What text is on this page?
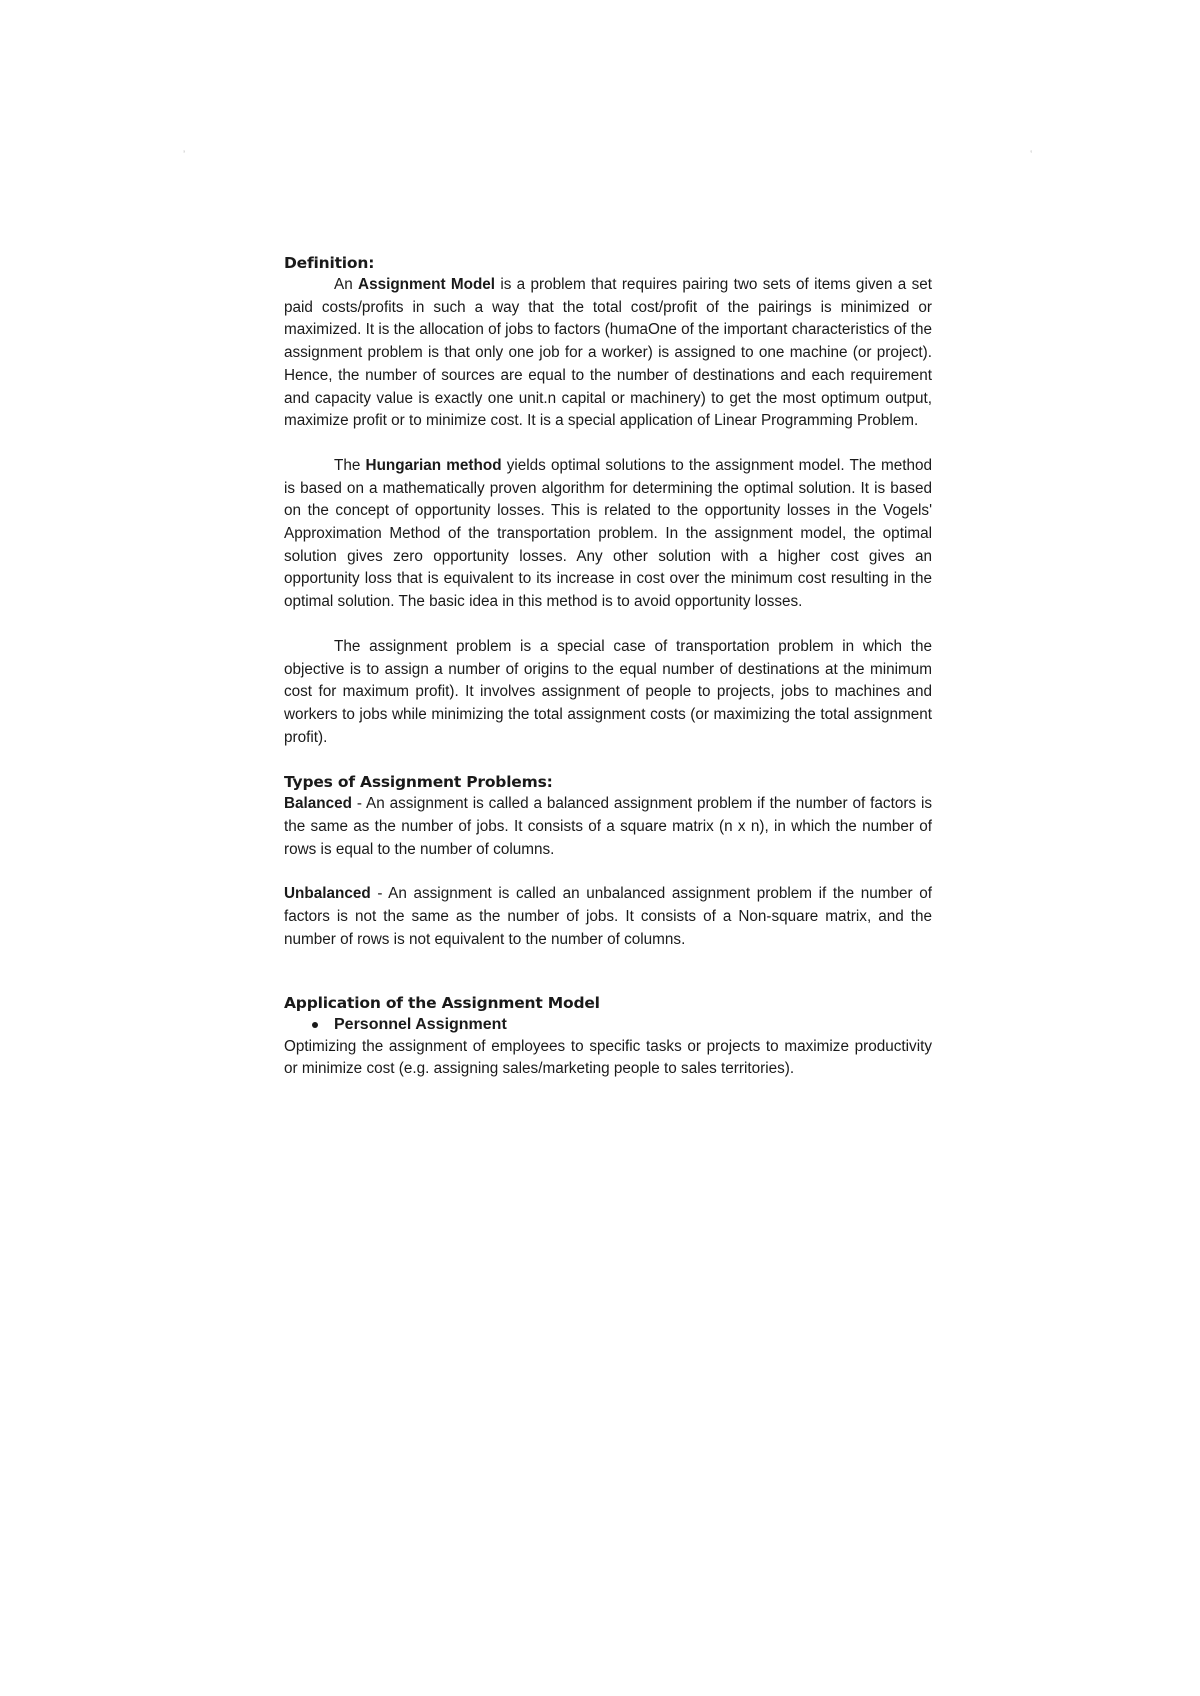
ʼ	ʽ
Definition:

An Assignment Model is a problem that requires pairing two sets of items given a set paid costs/profits in such a way that the total cost/profit of the pairings is minimized or maximized. It is the allocation of jobs to factors (humaOne of the important characteristics of the assignment problem is that only one job for a worker) is assigned to one machine (or project). Hence, the number of sources are equal to the number of destinations and each requirement and capacity value is exactly one unit.n capital or machinery) to get the most optimum output, maximize profit or to minimize cost. It is a special application of Linear Programming Problem.

The Hungarian method yields optimal solutions to the assignment model. The method is based on a mathematically proven algorithm for determining the optimal solution. It is based on the concept of opportunity losses. This is related to the opportunity losses in the Vogels' Approximation Method of the transportation problem. In the assignment model, the optimal solution gives zero opportunity losses. Any other solution with a higher cost gives an opportunity loss that is equivalent to its increase in cost over the minimum cost resulting in the optimal solution. The basic idea in this method is to avoid opportunity losses.

The assignment problem is a special case of transportation problem in which the objective is to assign a number of origins to the equal number of destinations at the minimum cost for maximum profit). It involves assignment of people to projects, jobs to machines and workers to jobs while minimizing the total assignment costs (or maximizing the total assignment profit).

Types of Assignment Problems:

Balanced - An assignment is called a balanced assignment problem if the number of factors is the same as the number of jobs. It consists of a square matrix (n x n), in which the number of rows is equal to the number of columns.

Unbalanced - An assignment is called an unbalanced assignment problem if the number of factors is not the same as the number of jobs. It consists of a Non-square matrix, and the number of rows is not equivalent to the number of columns.

Application of the Assignment Model
Personnel Assignment

Optimizing the assignment of employees to specific tasks or projects to maximize productivity or minimize cost (e.g. assigning sales/marketing people to sales territories).
